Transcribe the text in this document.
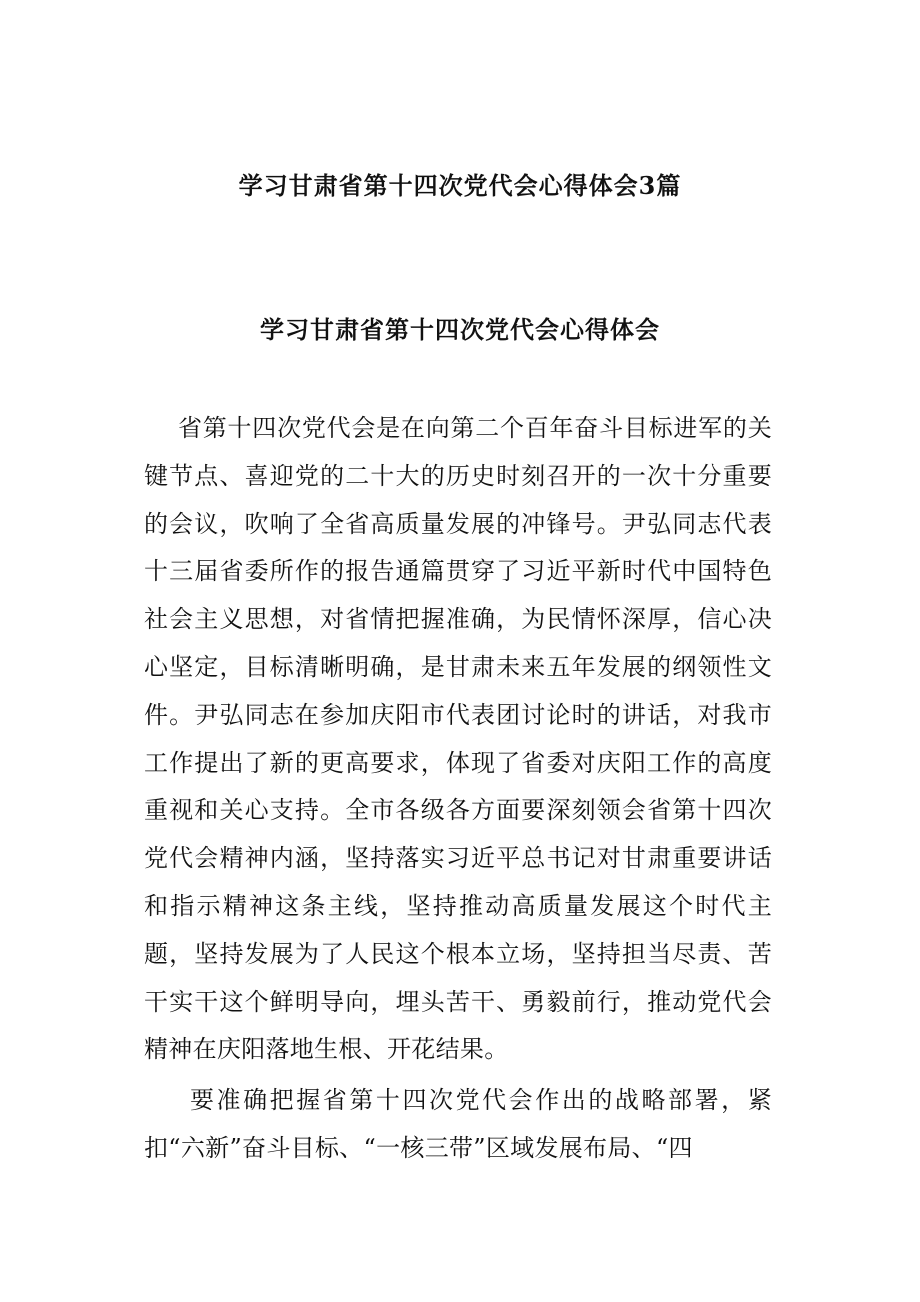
学习甘肃省第十四次党代会心得体会3篇
学习甘肃省第十四次党代会心得体会

省第十四次党代会是在向第二个百年奋斗目标进军的关键节点、喜迎党的二十大的历史时刻召开的一次十分重要的会议，吹响了全省高质量发展的冲锋号。尹弘同志代表十三届省委所作的报告通篇贯穿了习近平新时代中国特色社会主义思想，对省情把握准确，为民情怀深厚，信心决心坚定，目标清晰明确，是甘肃未来五年发展的纲领性文件。尹弘同志在参加庆阳市代表团讨论时的讲话，对我市工作提出了新的更高要求，体现了省委对庆阳工作的高度重视和关心支持。全市各级各方面要深刻领会省第十四次党代会精神内涵，坚持落实习近平总书记对甘肃重要讲话和指示精神这条主线，坚持推动高质量发展这个时代主题，坚持发展为了人民这个根本立场，坚持担当尽责、苦干实干这个鲜明导向，埋头苦干、勇毅前行，推动党代会精神在庆阳落地生根、开花结果。

要准确把握省第十四次党代会作出的战略部署，紧扣“六新”奋斗目标、“一核三带”区域发展布局、“四
